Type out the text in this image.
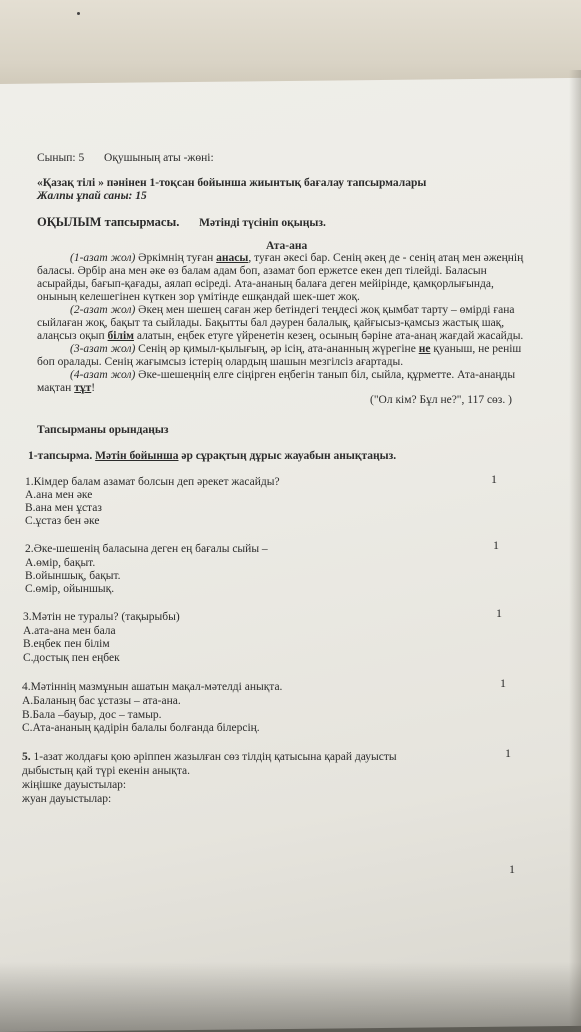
Сынып: 5 Оқушының аты -жөні:
«Қазақ тілі » пәнінен 1-тоқсан бойынша жиынтық бағалау тапсырмалары
Жалпы ұпай саны: 15
ОҚЫЛЫМ тапсырмасы. Мәтінді түсініп оқыңыз.
Ата-ана
(1-азат жол) Әркімнің туған анасы, туған әкесі бар. Сенің әкең де - сенің атаң мен әжеңнің
баласы. Әрбір ана мен әке өз балам адам боп, азамат боп ержетсе екен деп тілейді. Баласын
асырайды, бағып-қағады, аялап өсіреді. Ата-ананың балаға деген мейірінде, қамқорлығында,
онының келешегінен күткен зор үмітінде ешқандай шек-шет жоқ.
(2-азат жол) Әкең мен шешең саған жер бетіндегі теңдесі жоқ қымбат тарту – өмірді ғана
сыйлаған жоқ, бақыт та сыйлады. Бақытты бал дәурен балалық, қайғысыз-қамсыз жастық шақ,
алаңсыз оқып білім алатын, еңбек етуге үйренетін кезең, осының бәріне ата-анаң жағдай жасайды.
(3-азат жол) Сенің әр қимыл-қылығың, әр ісің, ата-ананның жүрегіне не қуаныш, не реніш
боп оралады. Сенің жағымсыз істерің олардың шашын мезгілсіз ағартады.
(4-азат жол) Әке-шешеңнің елге сіңірген еңбегін танып біл, сыйла, құрметте. Ата-анаңды
мақтан тұт!
("Ол кім? Бұл не?", 117 сөз. )
Тапсырманы орындаңыз
1-тапсырма. Мәтін бойынша әр сұрақтың дұрыс жауабын анықтаңыз.
1.Кімдер балам азамат болсын деп әрекет жасайды?
A.ана мен әке
B.ана мен ұстаз
C.ұстаз бен әке
1
2.Әке-шешенің баласына деген ең бағалы сыйы –
A.өмір, бақыт.
B.ойыншық, бақыт.
C.өмір, ойыншық.
1
3.Мәтін не туралы? (тақырыбы)
A.ата-ана мен бала
B.еңбек пен білім
C.достық пен еңбек
1
4.Мәтіннің мазмұнын ашатын мақал-мәтелді анықта.
A.Баланың бас ұстазы – ата-ана.
B.Бала –бауыр, дос – тамыр.
C.Ата-ананың қадірін балалы болғанда білерсің.
1
5. 1-азат жолдағы қою әріппен жазылған сөз тілдің қатысына қарай дауысты
дыбыстың қай түрі екенін анықта.
жіңішке дауыстылар:
жуан дауыстылар:
1
1
